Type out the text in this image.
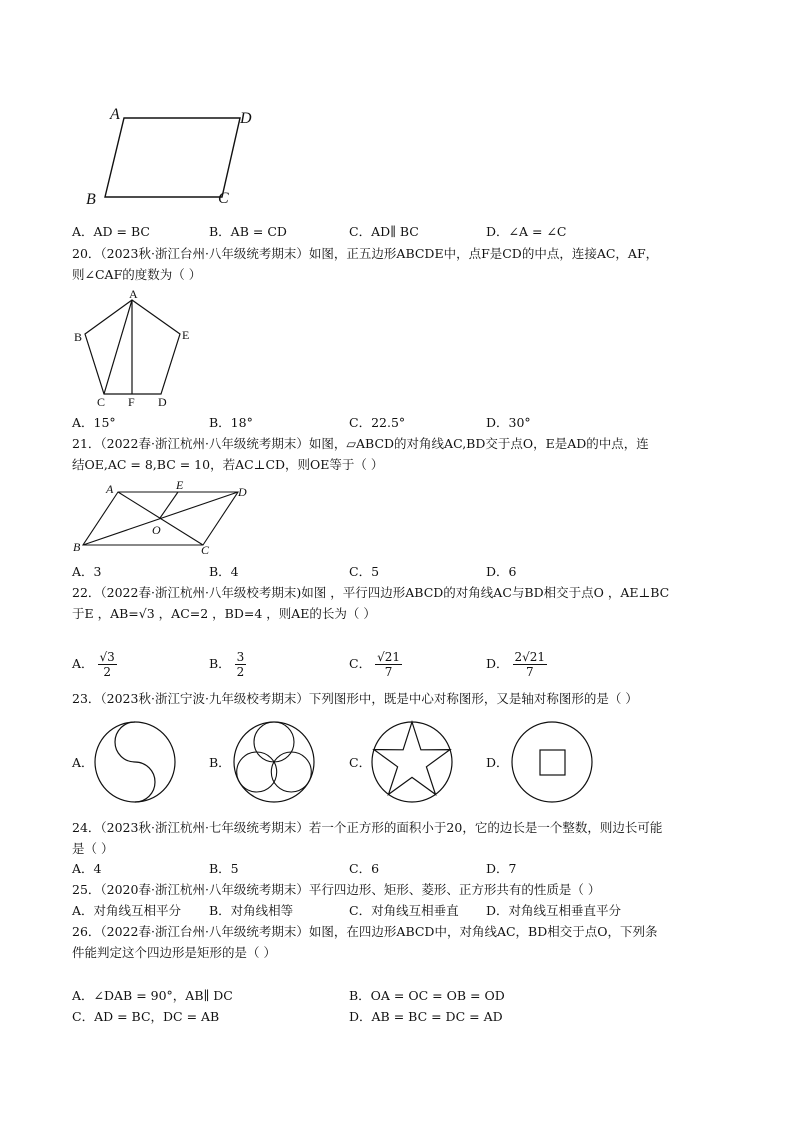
A	D
B	C
A．AD = BC	B．AB = CD	C．AD∥ BC	D．∠A = ∠C
20．（2023秋·浙江台州·八年级统考期末）如图，正五边形ABCDE中，点F是CD的中点，连接AC，AF，
则∠CAF的度数为（ ）
A
B	E
C F D
A．15°	B．18°	C．22.5°	D．30°
21．（2022春·浙江杭州·八年级统考期末）如图，▱ABCD的对角线AC,BD交于点O，E是AD的中点，连
结OE,AC = 8,BC = 10，若AC⊥CD，则OE等于（ ）
A	E	D
O
B	C
A．3	B．4	C．5	D．6
22．（2022春·浙江杭州·八年级校考期末)如图 ，平行四边形ABCD的对角线AC与BD相交于点O ，AE⊥BC
于E ，AB=√3 ，AC=2 ，BD=4 ，则AE的长为（ ）
A． $\frac{√3}{2}$	B． $\frac{3}{2}$	C． $\frac{√21}{7}$	D． $\frac{2√21}{7}$
23．（2023秋·浙江宁波·九年级校考期末）下列图形中，既是中心对称图形，又是轴对称图形的是（ ）
A．	B．	C．	D．
24．（2023秋·浙江杭州·七年级统考期末）若一个正方形的面积小于20，它的边长是一个整数，则边长可能
是（ ）
A．4	B．5	C．6	D．7
25．（2020春·浙江杭州·八年级统考期末）平行四边形、矩形、菱形、正方形共有的性质是（ ）
A．对角线互相平分 B．对角线相等	C．对角线互相垂直 D．对角线互相垂直平分
26．（2022春·浙江台州·八年级统考期末）如图，在四边形ABCD中，对角线AC，BD相交于点O，下列条
件能判定这个四边形是矩形的是（ ）
A．∠DAB = 90°，AB∥ DC	B．OA = OC = OB = OD
C．AD = BC，DC = AB	D．AB = BC = DC = AD
